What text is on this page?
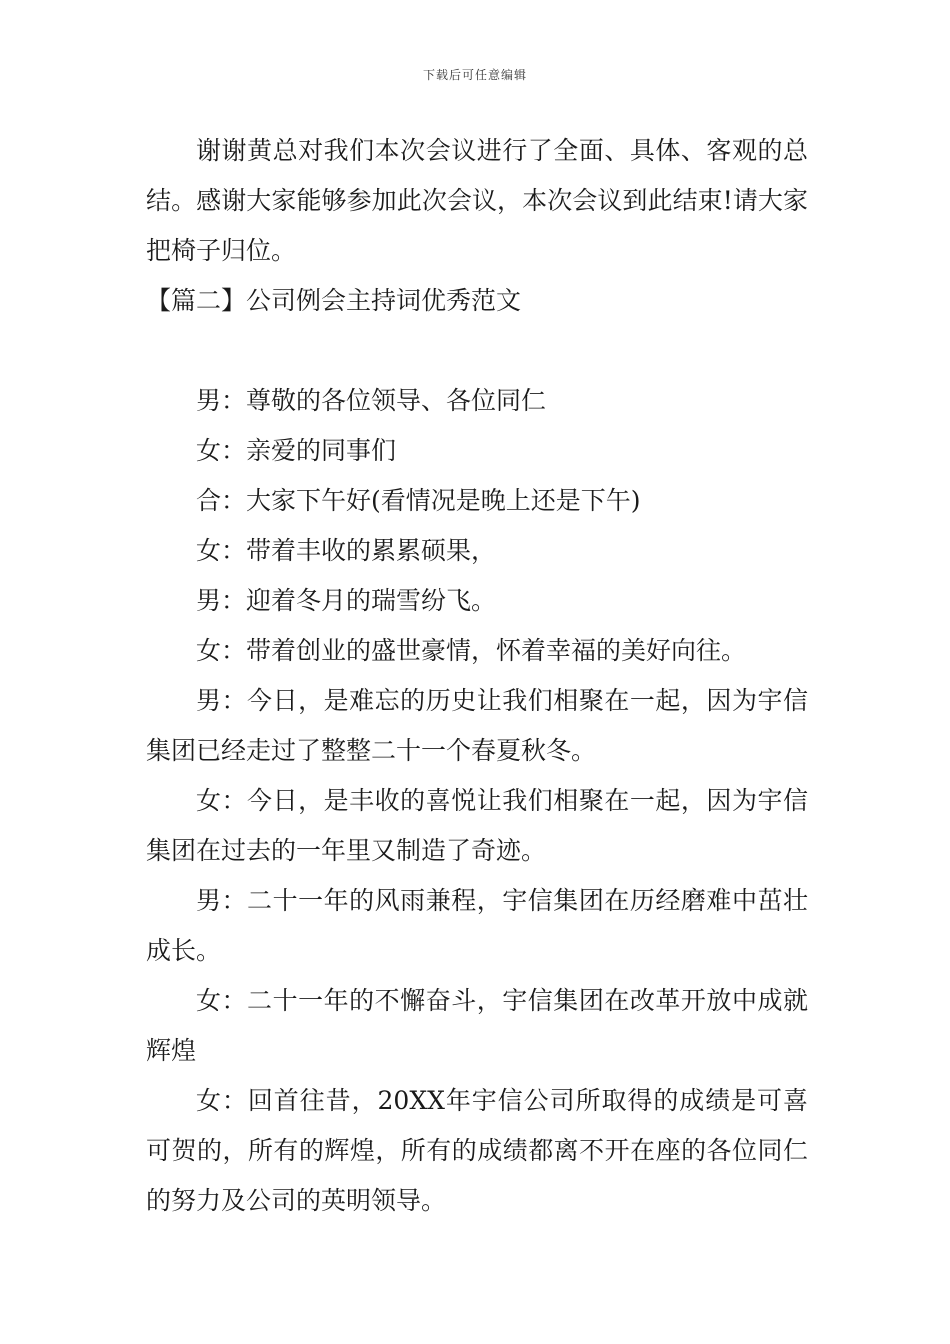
下载后可任意编辑

谢谢黄总对我们本次会议进行了全面、具体、客观的总结。感谢大家能够参加此次会议，本次会议到此结束!请大家把椅子归位。

【篇二】公司例会主持词优秀范文

男：尊敬的各位领导、各位同仁

女：亲爱的同事们

合：大家下午好(看情况是晚上还是下午)

女：带着丰收的累累硕果，

男：迎着冬月的瑞雪纷飞。

女：带着创业的盛世豪情，怀着幸福的美好向往。

男：今日，是难忘的历史让我们相聚在一起，因为宇信集团已经走过了整整二十一个春夏秋冬。

女：今日，是丰收的喜悦让我们相聚在一起，因为宇信集团在过去的一年里又制造了奇迹。

男：二十一年的风雨兼程，宇信集团在历经磨难中茁壮成长。

女：二十一年的不懈奋斗，宇信集团在改革开放中成就辉煌

女：回首往昔，20XX年宇信公司所取得的成绩是可喜可贺的，所有的辉煌，所有的成绩都离不开在座的各位同仁的努力及公司的英明领导。
